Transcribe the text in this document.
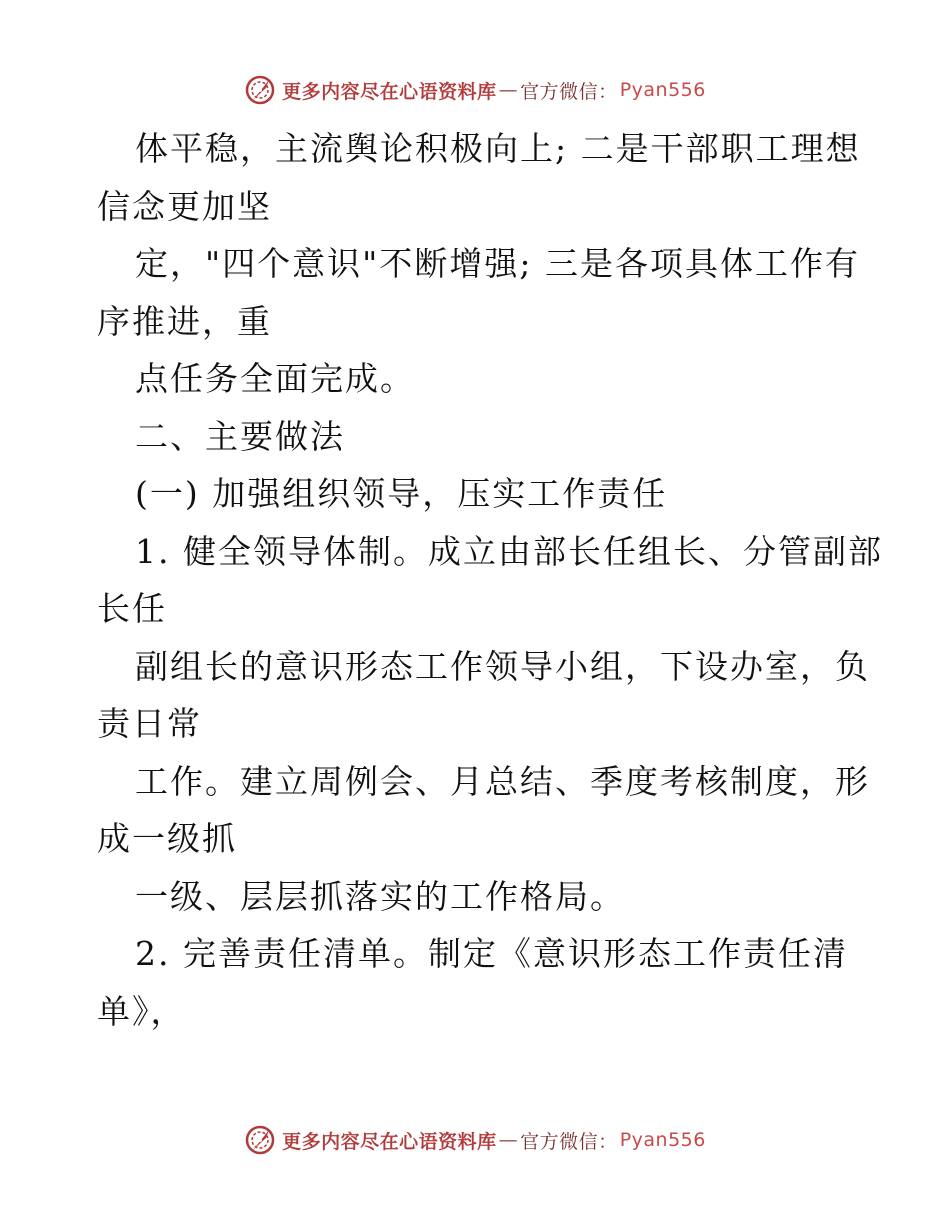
更多内容尽在心语资料库 — 官方微信： Pyan556
体平稳，主流舆论积极向上; 二是干部职工理想
信念更加坚
定，"四个意识"不断增强; 三是各项具体工作有
序推进，重
点任务全面完成。
二、主要做法
(一) 加强组织领导，压实工作责任
1. 健全领导体制。成立由部长任组长、分管副部
长任
副组长的意识形态工作领导小组，下设办室，负
责日常
工作。建立周例会、月总结、季度考核制度，形
成一级抓
一级、层层抓落实的工作格局。
2. 完善责任清单。制定《意识形态工作责任清
单》，
更多内容尽在心语资料库 — 官方微信： Pyan556
